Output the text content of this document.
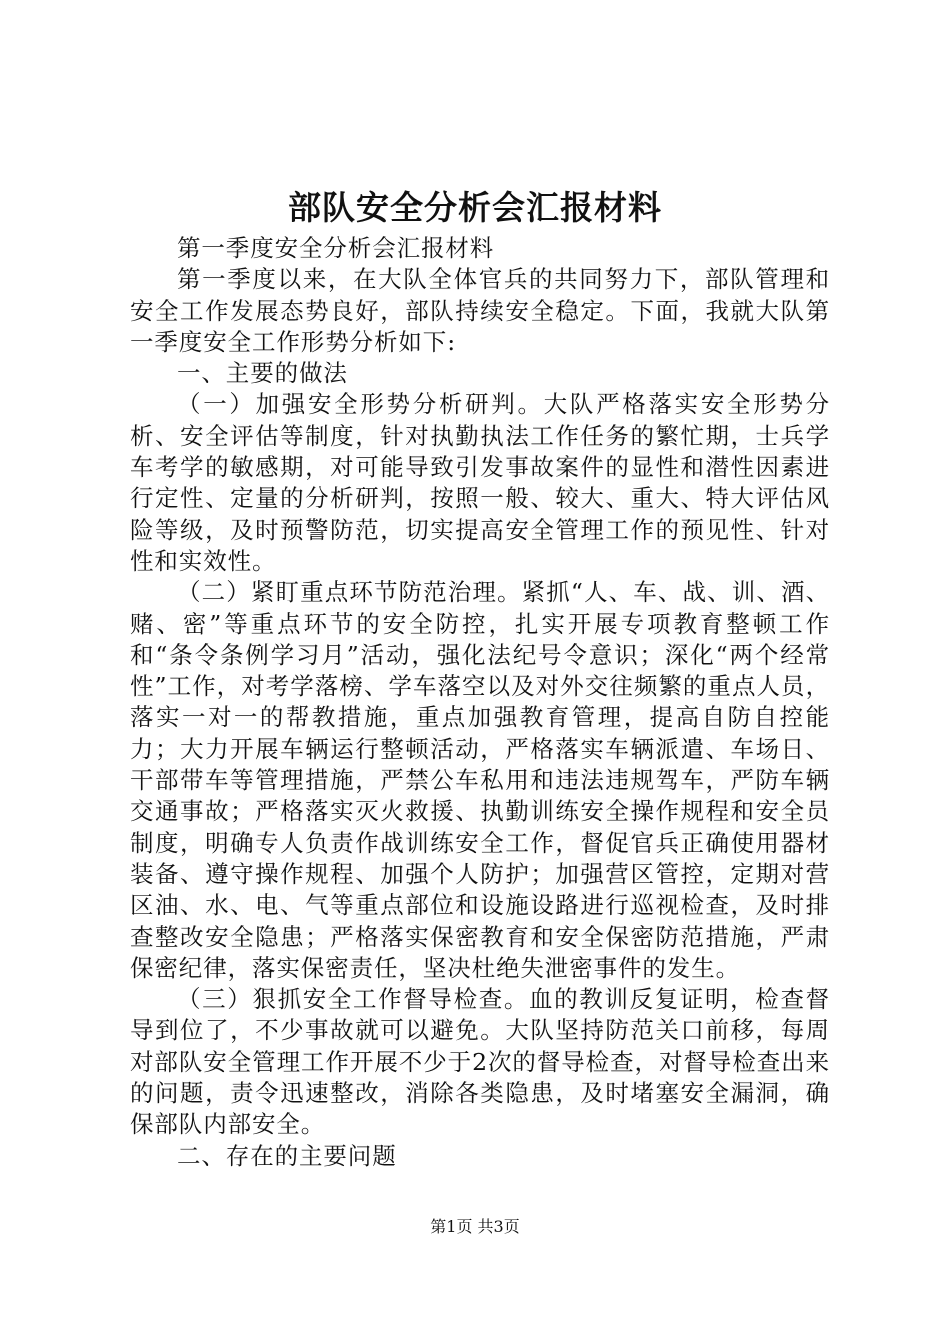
部队安全分析会汇报材料

第一季度安全分析会汇报材料

第一季度以来，在大队全体官兵的共同努力下，部队管理和安全工作发展态势良好，部队持续安全稳定。下面，我就大队第一季度安全工作形势分析如下:

一、主要的做法

（一）加强安全形势分析研判。大队严格落实安全形势分析、安全评估等制度，针对执勤执法工作任务的繁忙期，士兵学车考学的敏感期，对可能导致引发事故案件的显性和潜性因素进行定性、定量的分析研判，按照一般、较大、重大、特大评估风险等级，及时预警防范，切实提高安全管理工作的预见性、针对性和实效性。

（二）紧盯重点环节防范治理。紧抓“人、车、战、训、酒、赌、密”等重点环节的安全防控，扎实开展专项教育整顿工作和“条令条例学习月”活动，强化法纪号令意识；深化“两个经常性”工作，对考学落榜、学车落空以及对外交往频繁的重点人员，落实一对一的帮教措施，重点加强教育管理，提高自防自控能力；大力开展车辆运行整顿活动，严格落实车辆派遣、车场日、干部带车等管理措施，严禁公车私用和违法违规驾车，严防车辆交通事故；严格落实灭火救援、执勤训练安全操作规程和安全员制度，明确专人负责作战训练安全工作，督促官兵正确使用器材装备、遵守操作规程、加强个人防护；加强营区管控，定期对营区油、水、电、气等重点部位和设施设路进行巡视检查，及时排查整改安全隐患；严格落实保密教育和安全保密防范措施，严肃保密纪律，落实保密责任，坚决杜绝失泄密事件的发生。

（三）狠抓安全工作督导检查。血的教训反复证明，检查督导到位了，不少事故就可以避免。大队坚持防范关口前移，每周对部队安全管理工作开展不少于2次的督导检查，对督导检查出来的问题，责令迅速整改，消除各类隐患，及时堵塞安全漏洞，确保部队内部安全。

二、存在的主要问题

第1页 共3页
